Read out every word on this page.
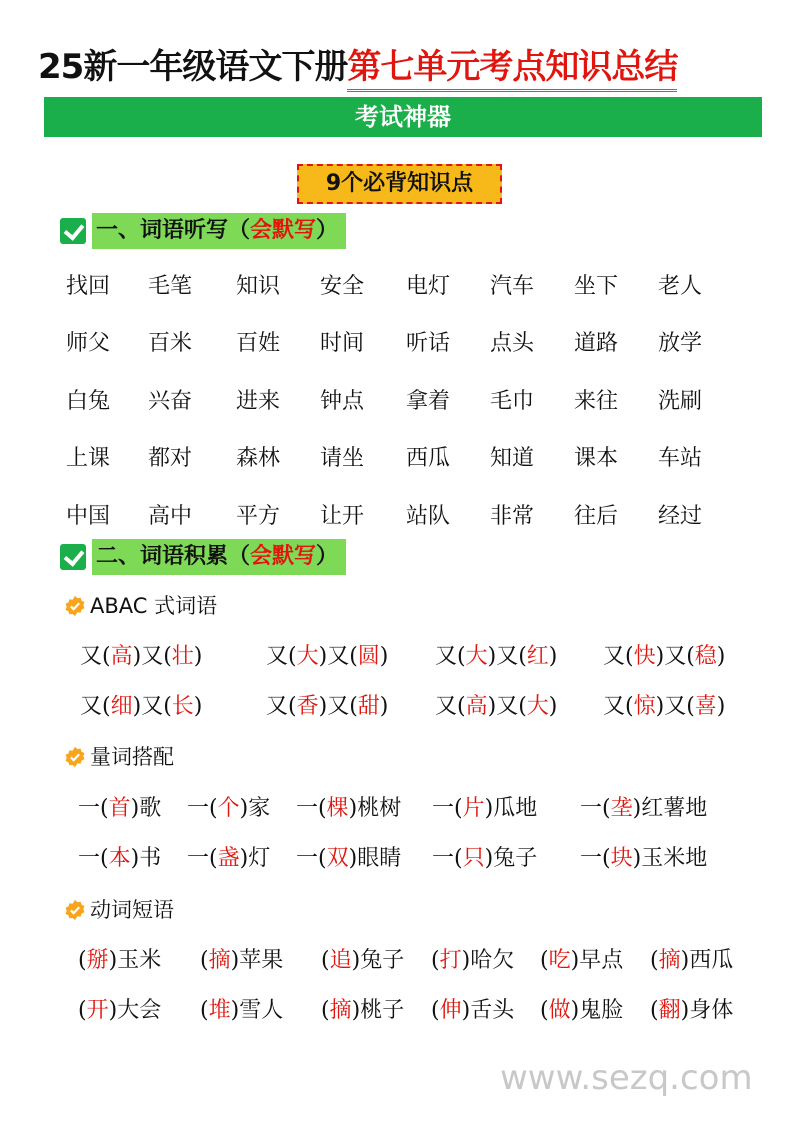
25新一年级语文下册第七单元考点知识总结
考试神器
9个必背知识点
一、词语听写（会默写）
找回 毛笔 知识 安全 电灯 汽车 坐下 老人
师父 百米 百姓 时间 听话 点头 道路 放学
白兔 兴奋 进来 钟点 拿着 毛巾 来往 洗刷
上课 都对 森林 请坐 西瓜 知道 课本 车站
中国 高中 平方 让开 站队 非常 往后 经过
二、词语积累（会默写）
ABAC 式词语
量词搭配
动词短语
又(高)又(壮)	又(大)又(圆) 又(大)又(红) 又(快)又(稳)
又(细)又(长)	又(香)又(甜) 又(高)又(大) 又(惊)又(喜)
一(首)歌 一(个)家 一(棵)桃树 一(片)瓜地 一(垄)红薯地
一(本)书 一(盏)灯 一(双)眼睛 一(只)兔子 一(块)玉米地
(掰)玉米 (摘)苹果 (追)兔子 (打)哈欠 (吃)早点 (摘)西瓜
(开)大会 (堆)雪人 (摘)桃子 (伸)舌头 (做)鬼脸 (翻)身体
www.sezq.com
